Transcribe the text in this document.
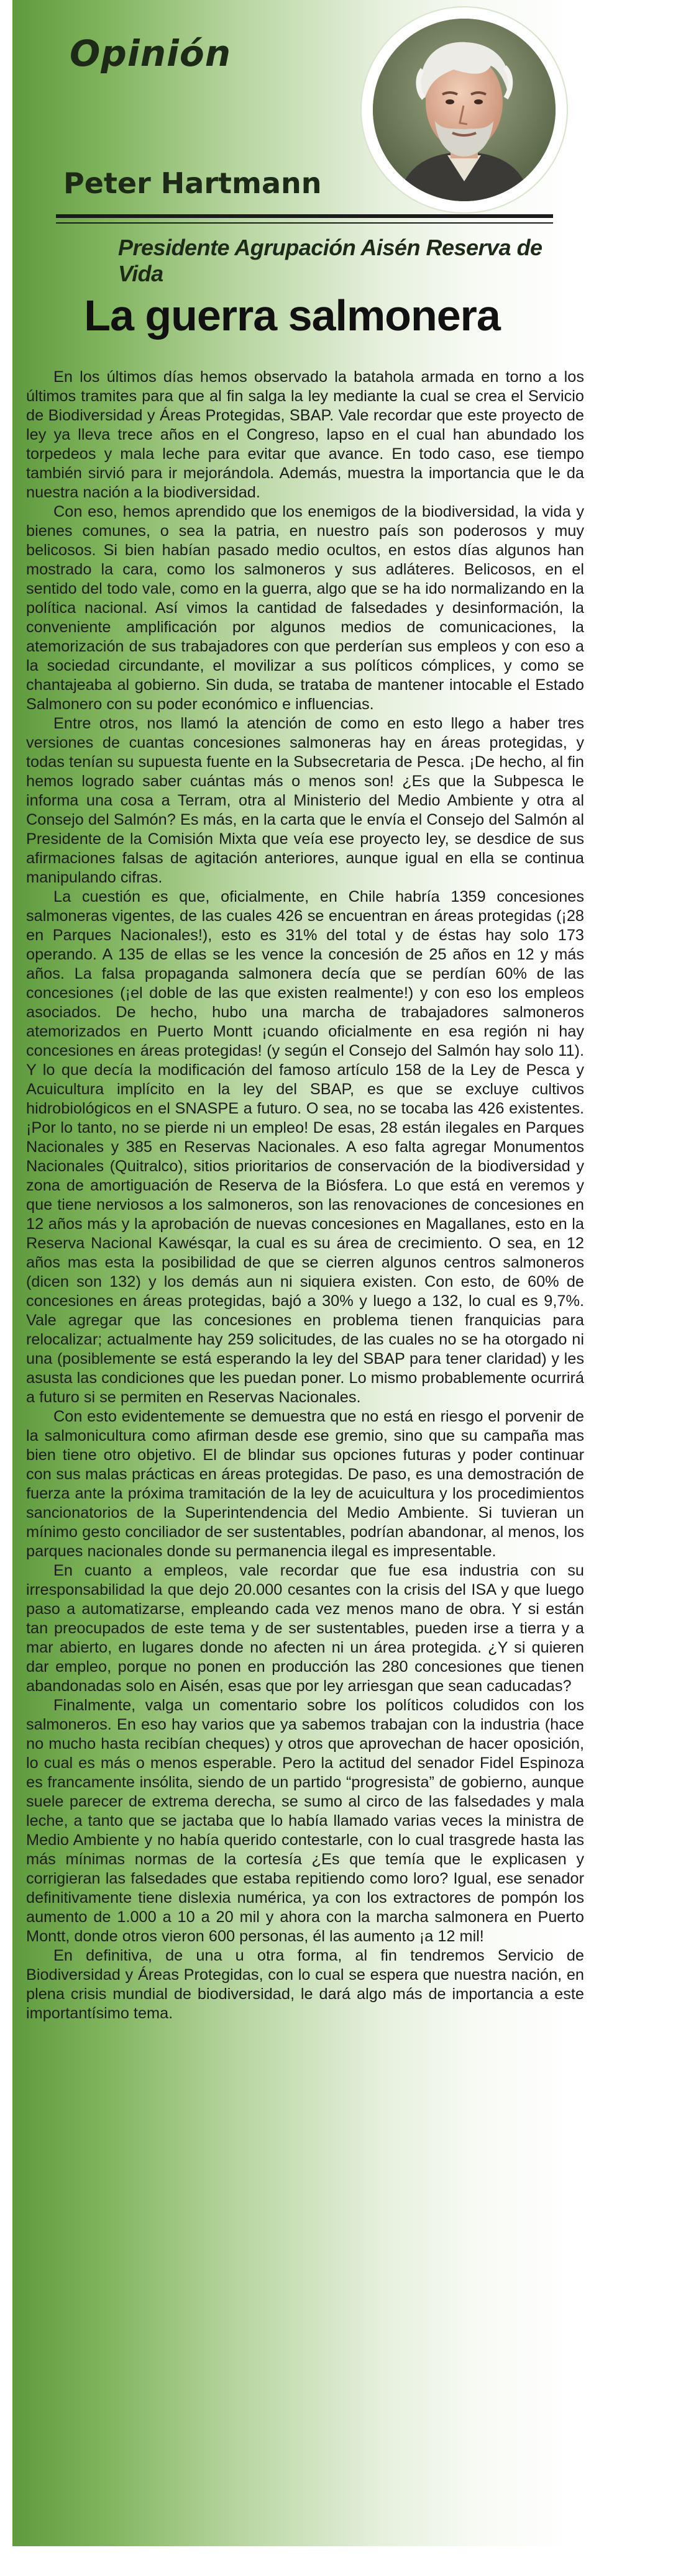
Opinión
Peter Hartmann

Presidente Agrupación Aisén Reserva de Vida

La guerra salmonera

En los últimos días hemos observado la batahola armada en torno a los últimos tramites para que al fin salga la ley mediante la cual se crea el Servicio de Biodiversidad y Áreas Protegidas, SBAP. Vale recordar que este proyecto de ley ya lleva trece años en el Congreso, lapso en el cual han abundado los torpedeos y mala leche para evitar que avance. En todo caso, ese tiempo también sirvió para ir mejorándola. Además, muestra la importancia que le da nuestra nación a la biodiversidad.

Con eso, hemos aprendido que los enemigos de la biodiversidad, la vida y bienes comunes, o sea la patria, en nuestro país son poderosos y muy belicosos. Si bien habían pasado medio ocultos, en estos días algunos han mostrado la cara, como los salmoneros y sus adláteres. Belicosos, en el sentido del todo vale, como en la guerra, algo que se ha ido normalizando en la política nacional. Así vimos la cantidad de falsedades y desinformación, la conveniente amplificación por algunos medios de comunicaciones, la atemorización de sus trabajadores con que perderían sus empleos y con eso a la sociedad circundante, el movilizar a sus políticos cómplices, y como se chantajeaba al gobierno. Sin duda, se trataba de mantener intocable el Estado Salmonero con su poder económico e influencias.

Entre otros, nos llamó la atención de como en esto llego a haber tres versiones de cuantas concesiones salmoneras hay en áreas protegidas, y todas tenían su supuesta fuente en la Subsecretaria de Pesca. ¡De hecho, al fin hemos logrado saber cuántas más o menos son! ¿Es que la Subpesca le informa una cosa a Terram, otra al Ministerio del Medio Ambiente y otra al Consejo del Salmón? Es más, en la carta que le envía el Consejo del Salmón al Presidente de la Comisión Mixta que veía ese proyecto ley, se desdice de sus afirmaciones falsas de agitación anteriores, aunque igual en ella se continua manipulando cifras.

La cuestión es que, oficialmente, en Chile habría 1359 concesiones salmoneras vigentes, de las cuales 426 se encuentran en áreas protegidas (¡28 en Parques Nacionales!), esto es 31% del total y de éstas hay solo 173 operando. A 135 de ellas se les vence la concesión de 25 años en 12 y más años. La falsa propaganda salmonera decía que se perdían 60% de las concesiones (¡el doble de las que existen realmente!) y con eso los empleos asociados. De hecho, hubo una marcha de trabajadores salmoneros atemorizados en Puerto Montt ¡cuando oficialmente en esa región ni hay concesiones en áreas protegidas! (y según el Consejo del Salmón hay solo 11). Y lo que decía la modificación del famoso artículo 158 de la Ley de Pesca y Acuicultura implícito en la ley del SBAP, es que se excluye cultivos hidrobiológicos en el SNASPE a futuro. O sea, no se tocaba las 426 existentes. ¡Por lo tanto, no se pierde ni un empleo! De esas, 28 están ilegales en Parques Nacionales y 385 en Reservas Nacionales. A eso falta agregar Monumentos Nacionales (Quitralco), sitios prioritarios de conservación de la biodiversidad y zona de amortiguación de Reserva de la Biósfera. Lo que está en veremos y que tiene nerviosos a los salmoneros, son las renovaciones de concesiones en 12 años más y la aprobación de nuevas concesiones en Magallanes, esto en la Reserva Nacional Kawésqar, la cual es su área de crecimiento. O sea, en 12 años mas esta la posibilidad de que se cierren algunos centros salmoneros (dicen son 132) y los demás aun ni siquiera existen. Con esto, de 60% de concesiones en áreas protegidas, bajó a 30% y luego a 132, lo cual es 9,7%. Vale agregar que las concesiones en problema tienen franquicias para relocalizar; actualmente hay 259 solicitudes, de las cuales no se ha otorgado ni una (posiblemente se está esperando la ley del SBAP para tener claridad) y les asusta las condiciones que les puedan poner. Lo mismo probablemente ocurrirá a futuro si se permiten en Reservas Nacionales.

Con esto evidentemente se demuestra que no está en riesgo el porvenir de la salmonicultura como afirman desde ese gremio, sino que su campaña mas bien tiene otro objetivo. El de blindar sus opciones futuras y poder continuar con sus malas prácticas en áreas protegidas. De paso, es una demostración de fuerza ante la próxima tramitación de la ley de acuicultura y los procedimientos sancionatorios de la Superintendencia del Medio Ambiente. Si tuvieran un mínimo gesto conciliador de ser sustentables, podrían abandonar, al menos, los parques nacionales donde su permanencia ilegal es impresentable.

En cuanto a empleos, vale recordar que fue esa industria con su irresponsabilidad la que dejo 20.000 cesantes con la crisis del ISA y que luego paso a automatizarse, empleando cada vez menos mano de obra. Y si están tan preocupados de este tema y de ser sustentables, pueden irse a tierra y a mar abierto, en lugares donde no afecten ni un área protegida. ¿Y si quieren dar empleo, porque no ponen en producción las 280 concesiones que tienen abandonadas solo en Aisén, esas que por ley arriesgan que sean caducadas?

Finalmente, valga un comentario sobre los políticos coludidos con los salmoneros. En eso hay varios que ya sabemos trabajan con la industria (hace no mucho hasta recibían cheques) y otros que aprovechan de hacer oposición, lo cual es más o menos esperable. Pero la actitud del senador Fidel Espinoza es francamente insólita, siendo de un partido “progresista” de gobierno, aunque suele parecer de extrema derecha, se sumo al circo de las falsedades y mala leche, a tanto que se jactaba que lo había llamado varias veces la ministra de Medio Ambiente y no había querido contestarle, con lo cual trasgrede hasta las más mínimas normas de la cortesía ¿Es que temía que le explicasen y corrigieran las falsedades que estaba repitiendo como loro? Igual, ese senador definitivamente tiene dislexia numérica, ya con los extractores de pompón los aumento de 1.000 a 10 a 20 mil y ahora con la marcha salmonera en Puerto Montt, donde otros vieron 600 personas, él las aumento ¡a 12 mil!

En definitiva, de una u otra forma, al fin tendremos Servicio de Biodiversidad y Áreas Protegidas, con lo cual se espera que nuestra nación, en plena crisis mundial de biodiversidad, le dará algo más de importancia a este importantísimo tema.
